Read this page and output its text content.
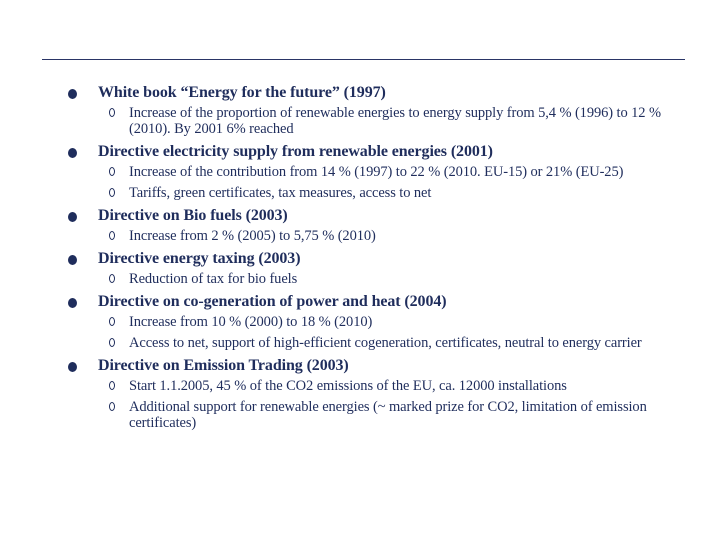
White book “Energy for the future” (1997)
Increase of the proportion of renewable energies to energy supply from 5,4 % (1996) to 12 % (2010). By 2001 6% reached
Directive electricity supply from renewable energies (2001)
Increase of the contribution from 14 % (1997) to 22 % (2010. EU-15) or 21% (EU-25)
Tariffs, green certificates, tax measures, access to net
Directive on Bio fuels (2003)
Increase from 2 % (2005) to 5,75 % (2010)
Directive energy taxing (2003)
Reduction of tax for bio fuels
Directive on co-generation of power and heat (2004)
Increase from 10 % (2000) to 18 % (2010)
Access to net, support of high-efficient cogeneration, certificates, neutral to energy carrier
Directive on Emission Trading (2003)
Start 1.1.2005, 45 % of the CO2 emissions of the EU, ca. 12000 installations
Additional support for renewable energies (~ marked prize for CO2, limitation of emission certificates)
